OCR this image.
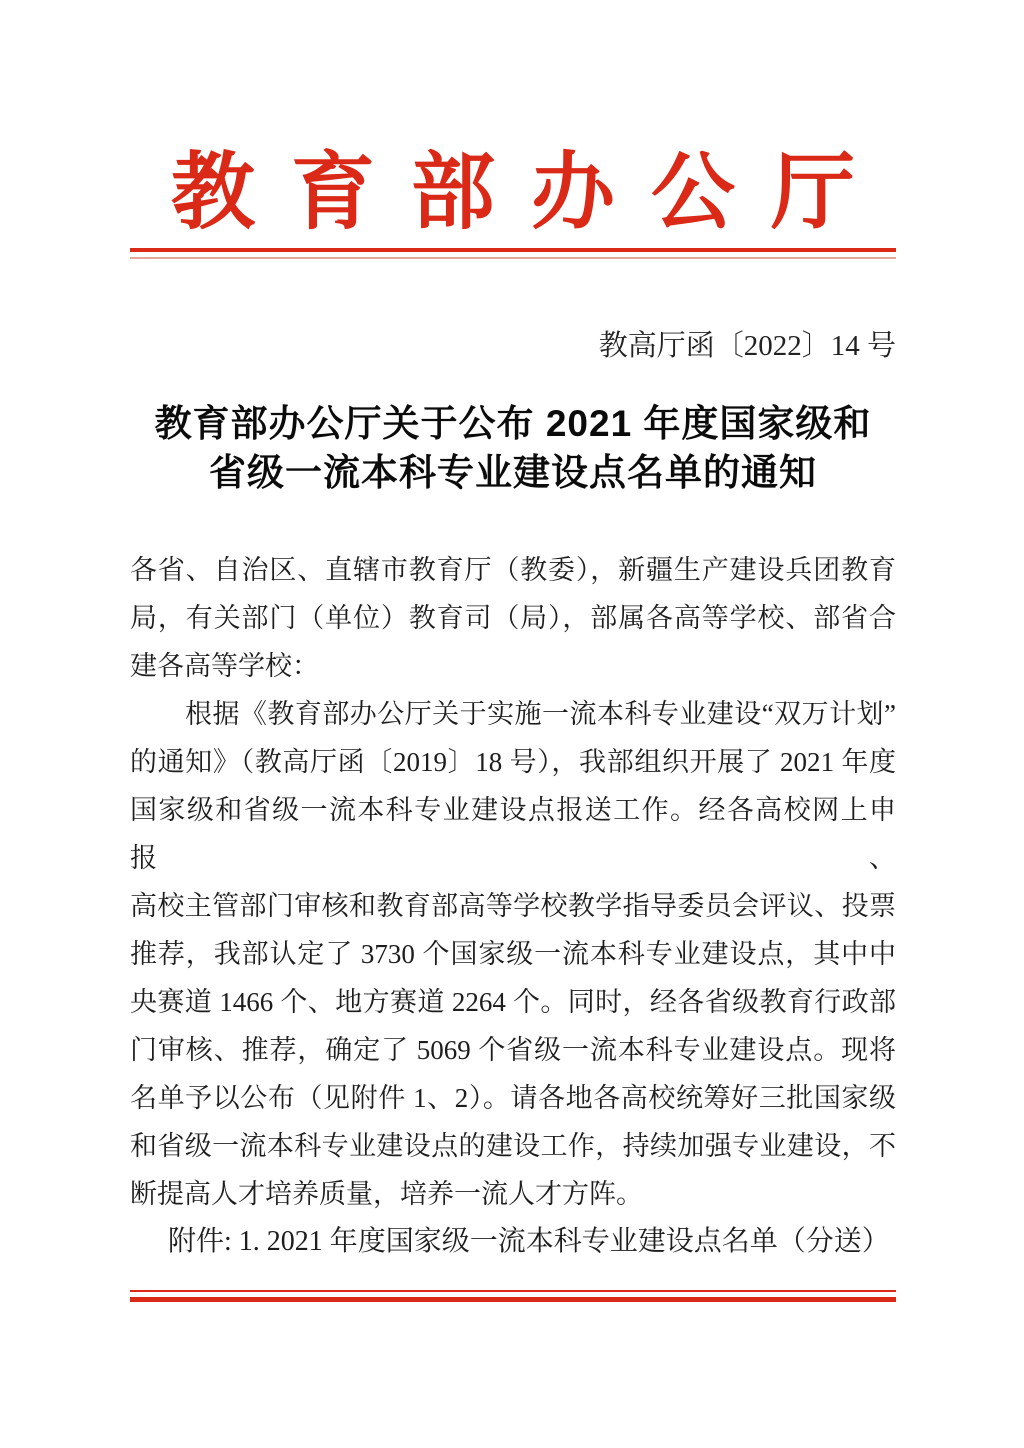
教育部办公厅
教高厅函〔2022〕14 号
教育部办公厅关于公布 2021 年度国家级和
省级一流本科专业建设点名单的通知
各省、自治区、直辖市教育厅（教委），新疆生产建设兵团教育
局，有关部门（单位）教育司（局），部属各高等学校、部省合
建各高等学校：
根据《教育部办公厅关于实施一流本科专业建设“双万计划”
的通知》（教高厅函〔2019〕18 号），我部组织开展了 2021 年度
国家级和省级一流本科专业建设点报送工作。经各高校网上申报、
高校主管部门审核和教育部高等学校教学指导委员会评议、投票
推荐，我部认定了 3730 个国家级一流本科专业建设点，其中中
央赛道 1466 个、地方赛道 2264 个。同时，经各省级教育行政部
门审核、推荐，确定了 5069 个省级一流本科专业建设点。现将
名单予以公布（见附件 1、2）。请各地各高校统筹好三批国家级
和省级一流本科专业建设点的建设工作，持续加强专业建设，不
断提高人才培养质量，培养一流人才方阵。
附件: 1. 2021 年度国家级一流本科专业建设点名单（分送）
